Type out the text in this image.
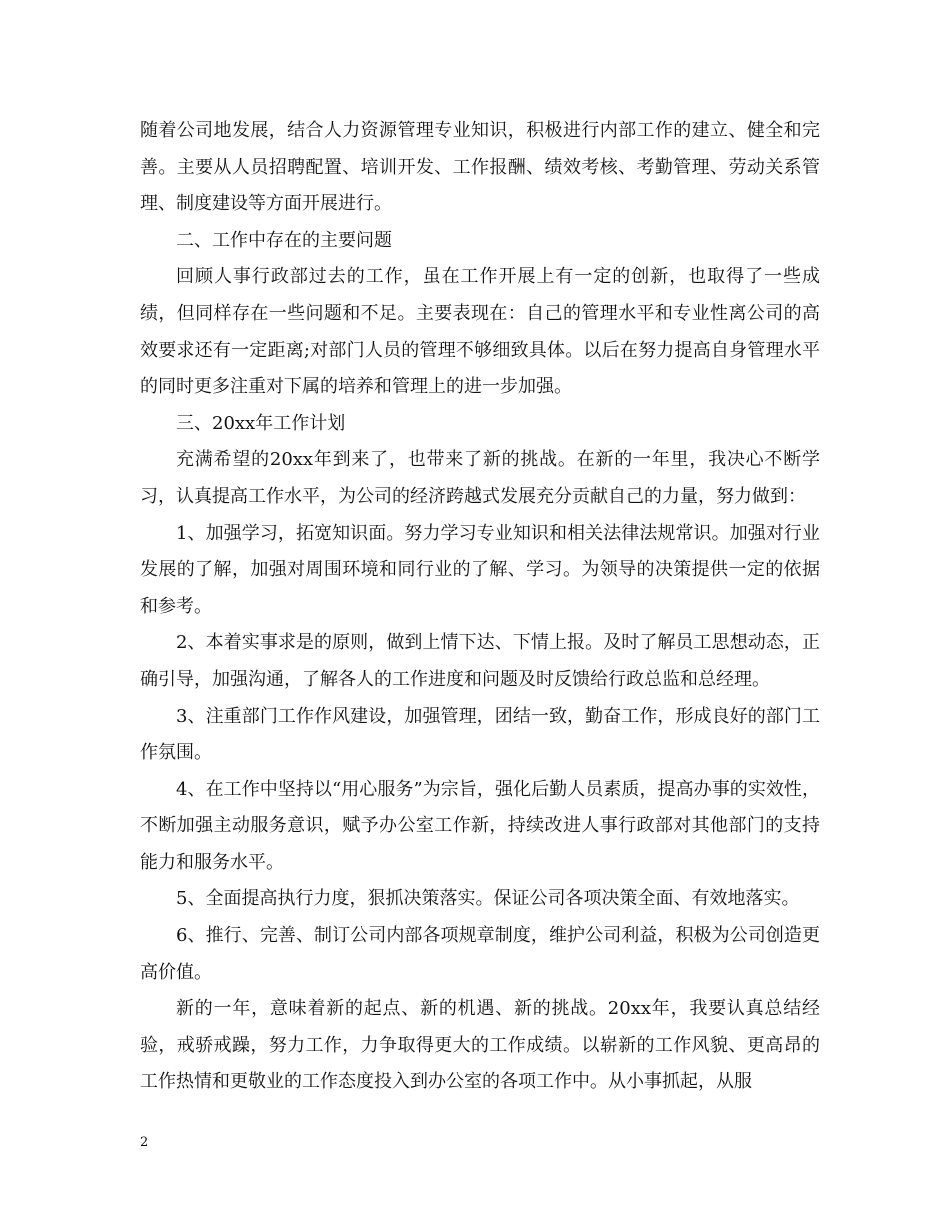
随着公司地发展，结合人力资源管理专业知识，积极进行内部工作的建立、健全和完善。主要从人员招聘配置、培训开发、工作报酬、绩效考核、考勤管理、劳动关系管理、制度建设等方面开展进行。

二、工作中存在的主要问题

回顾人事行政部过去的工作，虽在工作开展上有一定的创新，也取得了一些成绩，但同样存在一些问题和不足。主要表现在：自己的管理水平和专业性离公司的高效要求还有一定距离;对部门人员的管理不够细致具体。以后在努力提高自身管理水平的同时更多注重对下属的培养和管理上的进一步加强。

三、20xx年工作计划

充满希望的20xx年到来了，也带来了新的挑战。在新的一年里，我决心不断学习，认真提高工作水平，为公司的经济跨越式发展充分贡献自己的力量，努力做到：

1、加强学习，拓宽知识面。努力学习专业知识和相关法律法规常识。加强对行业发展的了解，加强对周围环境和同行业的了解、学习。为领导的决策提供一定的依据和参考。

2、本着实事求是的原则，做到上情下达、下情上报。及时了解员工思想动态，正确引导，加强沟通，了解各人的工作进度和问题及时反馈给行政总监和总经理。

3、注重部门工作作风建设，加强管理，团结一致，勤奋工作，形成良好的部门工作氛围。

4、在工作中坚持以“用心服务”为宗旨，强化后勤人员素质，提高办事的实效性，不断加强主动服务意识，赋予办公室工作新，持续改进人事行政部对其他部门的支持能力和服务水平。

5、全面提高执行力度，狠抓决策落实。保证公司各项决策全面、有效地落实。

6、推行、完善、制订公司内部各项规章制度，维护公司利益，积极为公司创造更高价值。

新的一年，意味着新的起点、新的机遇、新的挑战。20xx年，我要认真总结经验，戒骄戒躁，努力工作，力争取得更大的工作成绩。以崭新的工作风貌、更高昂的工作热情和更敬业的工作态度投入到办公室的各项工作中。从小事抓起，从服

2
